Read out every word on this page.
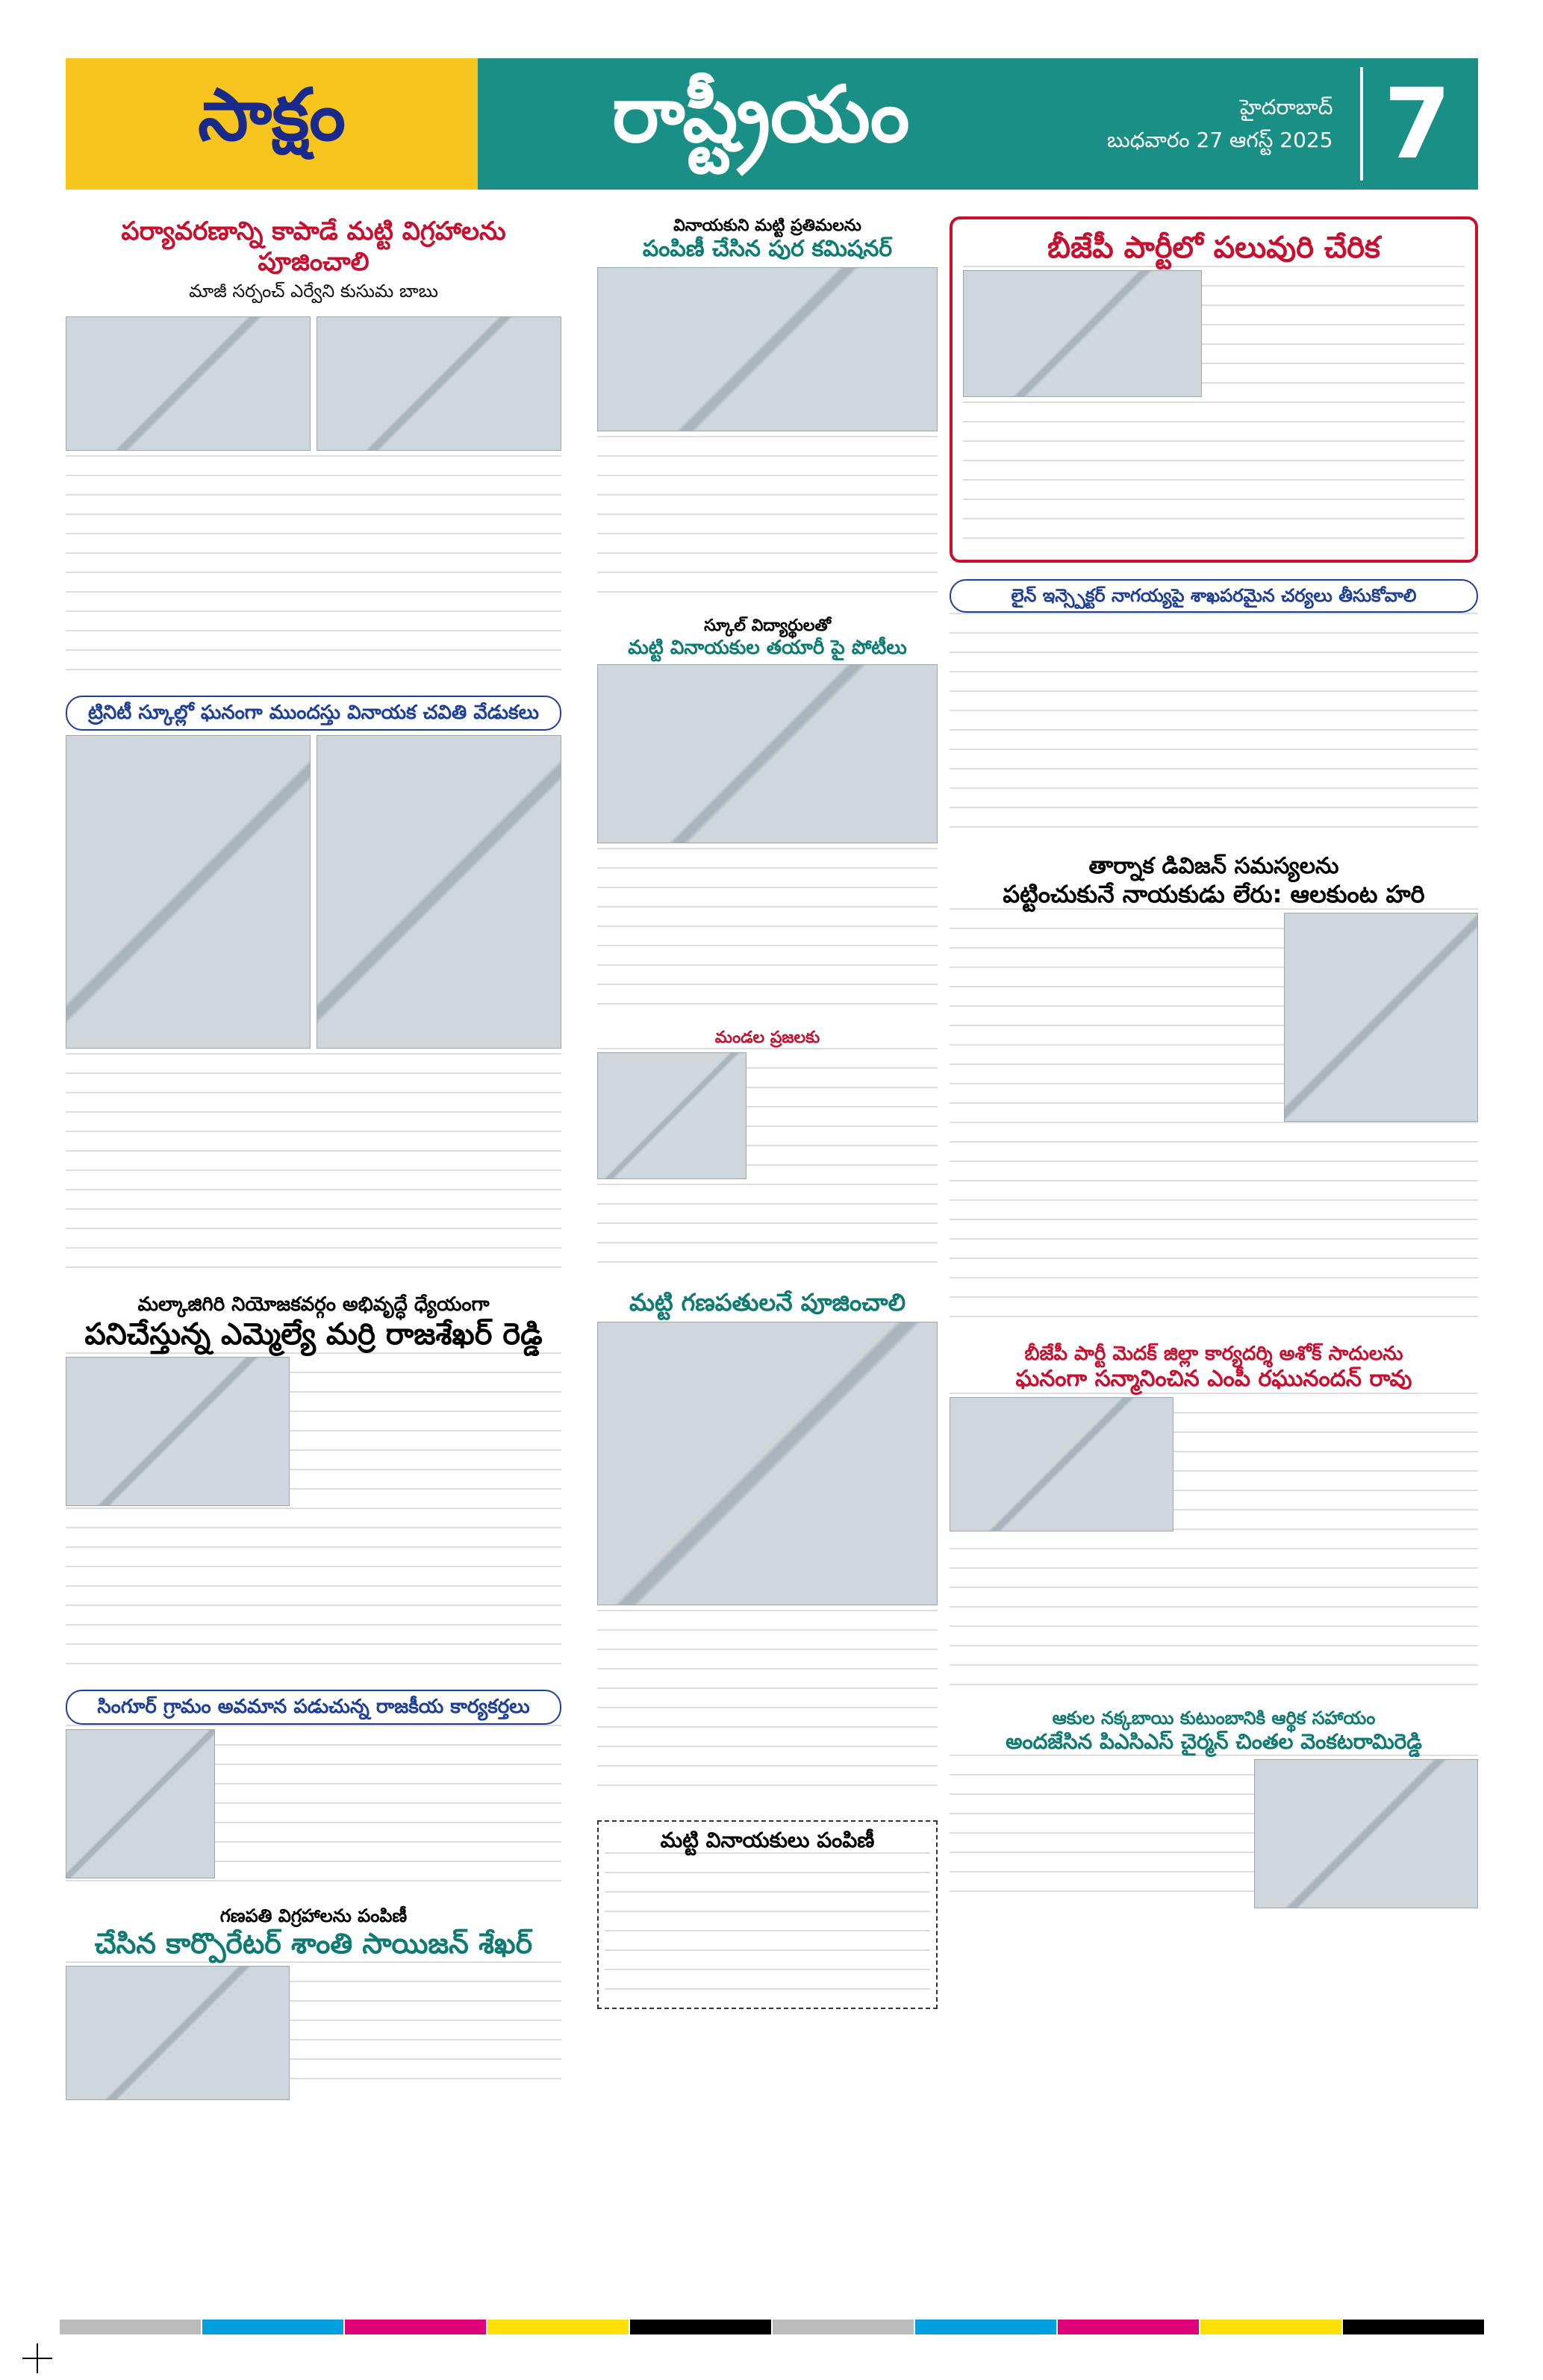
సాక్షం	రాష్ట్రీయం	హైదరాబాద్
బుధవారం 27 ఆగస్ట్ 2025 7
పర్యావరణాన్ని కాపాడే మట్టి విగ్రహాలను పూజించాలి
మాజీ సర్పంచ్ ఎర్వేని కుసుమ బాబు
ట్రినిటీ స్కూల్లో ఘనంగా ముందస్తు వినాయక చవితి వేడుకలు
మల్కాజిగిరి నియోజకవర్గం అభివృద్ధే ధ్యేయంగా
పనిచేస్తున్న ఎమ్మెల్యే మర్రి రాజశేఖర్ రెడ్డి
సింగూర్ గ్రామం అవమాన పడుచున్న రాజకీయ కార్యకర్తలు
గణపతి విగ్రహాలను పంపిణీ
చేసిన కార్పొరేటర్ శాంతి సాయిజన్ శేఖర్
వినాయకుని మట్టి ప్రతిమలను
పంపిణీ చేసిన పుర కమిషనర్
స్కూల్ విద్యార్థులతో
మట్టి వినాయకుల తయారీ పై పోటీలు
మండల ప్రజలకు
మట్టి గణపతులనే పూజించాలి
మట్టి వినాయకులు పంపిణీ
బీజేపీ పార్టీలో పలువురి చేరిక
లైన్ ఇన్స్పెక్టర్ నాగయ్యపై శాఖపరమైన చర్యలు తీసుకోవాలి
తార్నాక డివిజన్ సమస్యలను
పట్టించుకునే నాయకుడు లేరు: ఆలకుంట హరి
బీజేపీ పార్టీ మెదక్ జిల్లా కార్యదర్శి అశోక్ సాదులను
ఘనంగా సన్మానించిన ఎంపీ రఘునందన్ రావు
ఆకుల నక్కబాయి కుటుంబానికి ఆర్థిక సహాయం
అందజేసిన పిఎసిఎస్ చైర్మన్ చింతల వెంకటరామిరెడ్డి
